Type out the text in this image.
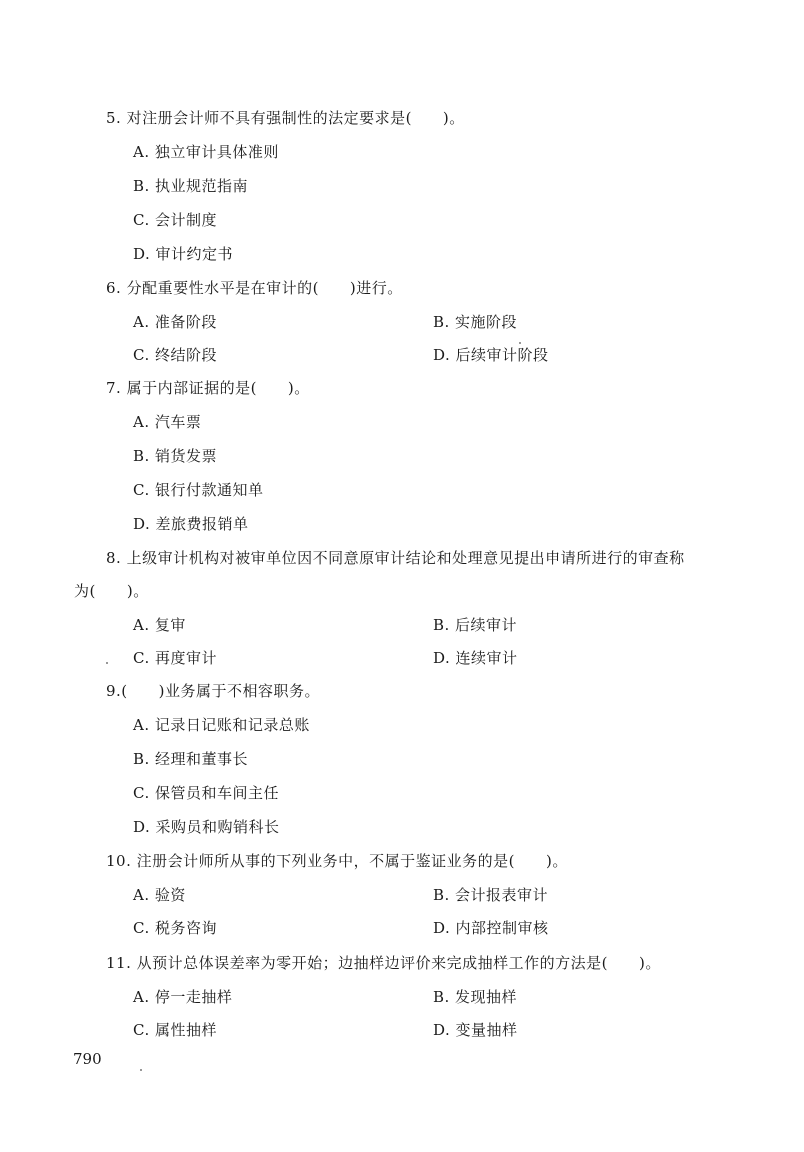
5. 对注册会计师不具有强制性的法定要求是(　　)。
A. 独立审计具体准则
B. 执业规范指南
C. 会计制度
D. 审计约定书
6. 分配重要性水平是在审计的(　　)进行。
A. 准备阶段	B. 实施阶段
C. 终结阶段	D. 后续审计阶段
7. 属于内部证据的是(　　)。
A. 汽车票
B. 销货发票
C. 银行付款通知单
D. 差旅费报销单
8. 上级审计机构对被审单位因不同意原审计结论和处理意见提出申请所进行的审查称
为(　　)。
A. 复审	B. 后续审计
C. 再度审计	D. 连续审计
9.(　　)业务属于不相容职务。
A. 记录日记账和记录总账
B. 经理和董事长
C. 保管员和车间主任
D. 采购员和购销科长
10. 注册会计师所从事的下列业务中，不属于鉴证业务的是(　　)。
A. 验资	B. 会计报表审计
C. 税务咨询	D. 内部控制审核
11. 从预计总体误差率为零开始；边抽样边评价来完成抽样工作的方法是(　　)。
A. 停一走抽样	B. 发现抽样
C. 属性抽样	D. 变量抽样
790
